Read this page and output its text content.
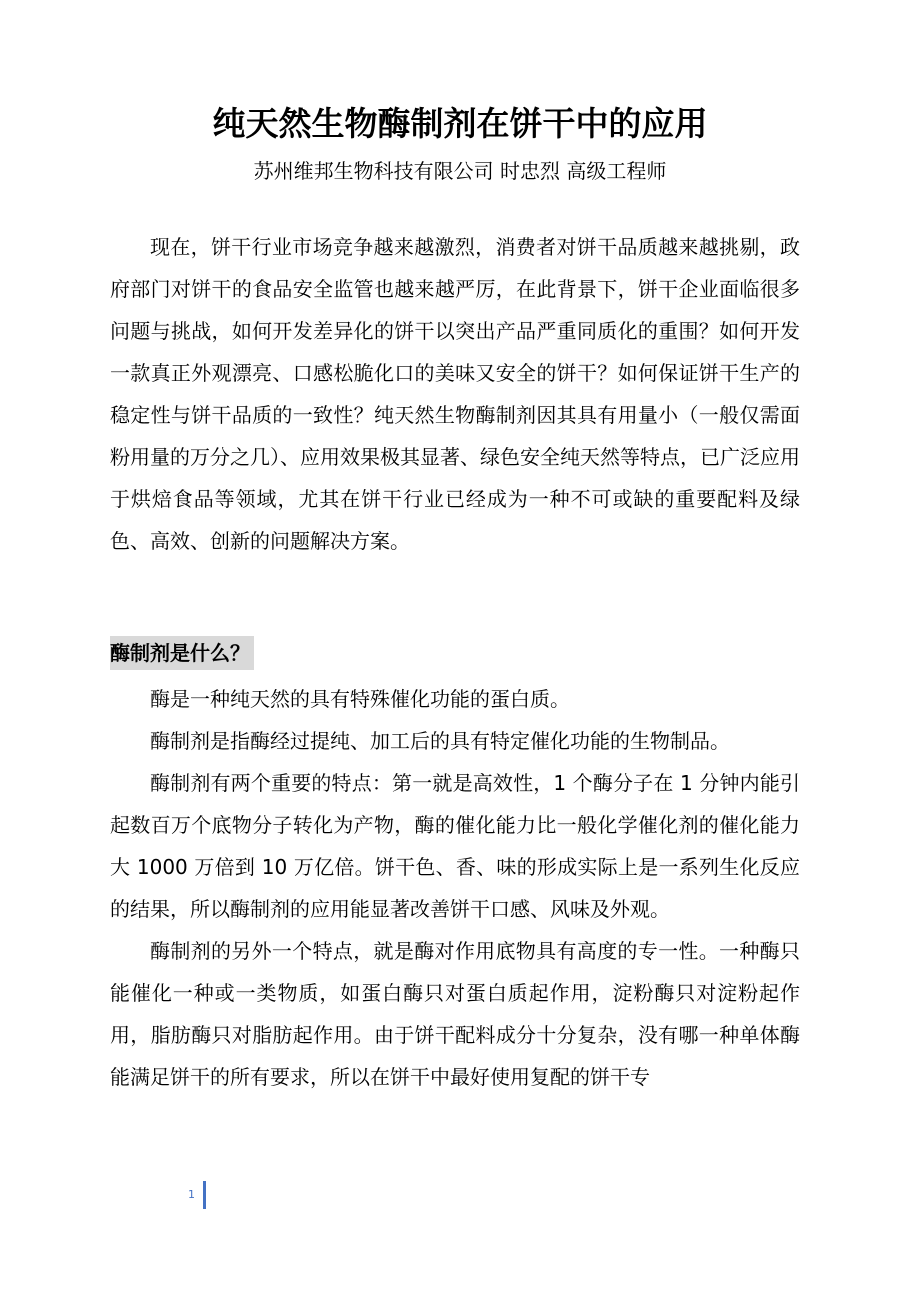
纯天然生物酶制剂在饼干中的应用
苏州维邦生物科技有限公司 时忠烈 高级工程师

现在，饼干行业市场竞争越来越激烈，消费者对饼干品质越来越挑剔，政府部门对饼干的食品安全监管也越来越严厉，在此背景下，饼干企业面临很多问题与挑战，如何开发差异化的饼干以突出产品严重同质化的重围？如何开发一款真正外观漂亮、口感松脆化口的美味又安全的饼干？如何保证饼干生产的稳定性与饼干品质的一致性？纯天然生物酶制剂因其具有用量小（一般仅需面粉用量的万分之几）、应用效果极其显著、绿色安全纯天然等特点，已广泛应用于烘焙食品等领域，尤其在饼干行业已经成为一种不可或缺的重要配料及绿色、高效、创新的问题解决方案。

酶制剂是什么？

酶是一种纯天然的具有特殊催化功能的蛋白质。

酶制剂是指酶经过提纯、加工后的具有特定催化功能的生物制品。

酶制剂有两个重要的特点：第一就是高效性，1 个酶分子在 1 分钟内能引起数百万个底物分子转化为产物，酶的催化能力比一般化学催化剂的催化能力大 1000 万倍到 10 万亿倍。饼干色、香、味的形成实际上是一系列生化反应的结果，所以酶制剂的应用能显著改善饼干口感、风味及外观。

酶制剂的另外一个特点，就是酶对作用底物具有高度的专一性。一种酶只能催化一种或一类物质，如蛋白酶只对蛋白质起作用，淀粉酶只对淀粉起作用，脂肪酶只对脂肪起作用。由于饼干配料成分十分复杂，没有哪一种单体酶能满足饼干的所有要求，所以在饼干中最好使用复配的饼干专

1
